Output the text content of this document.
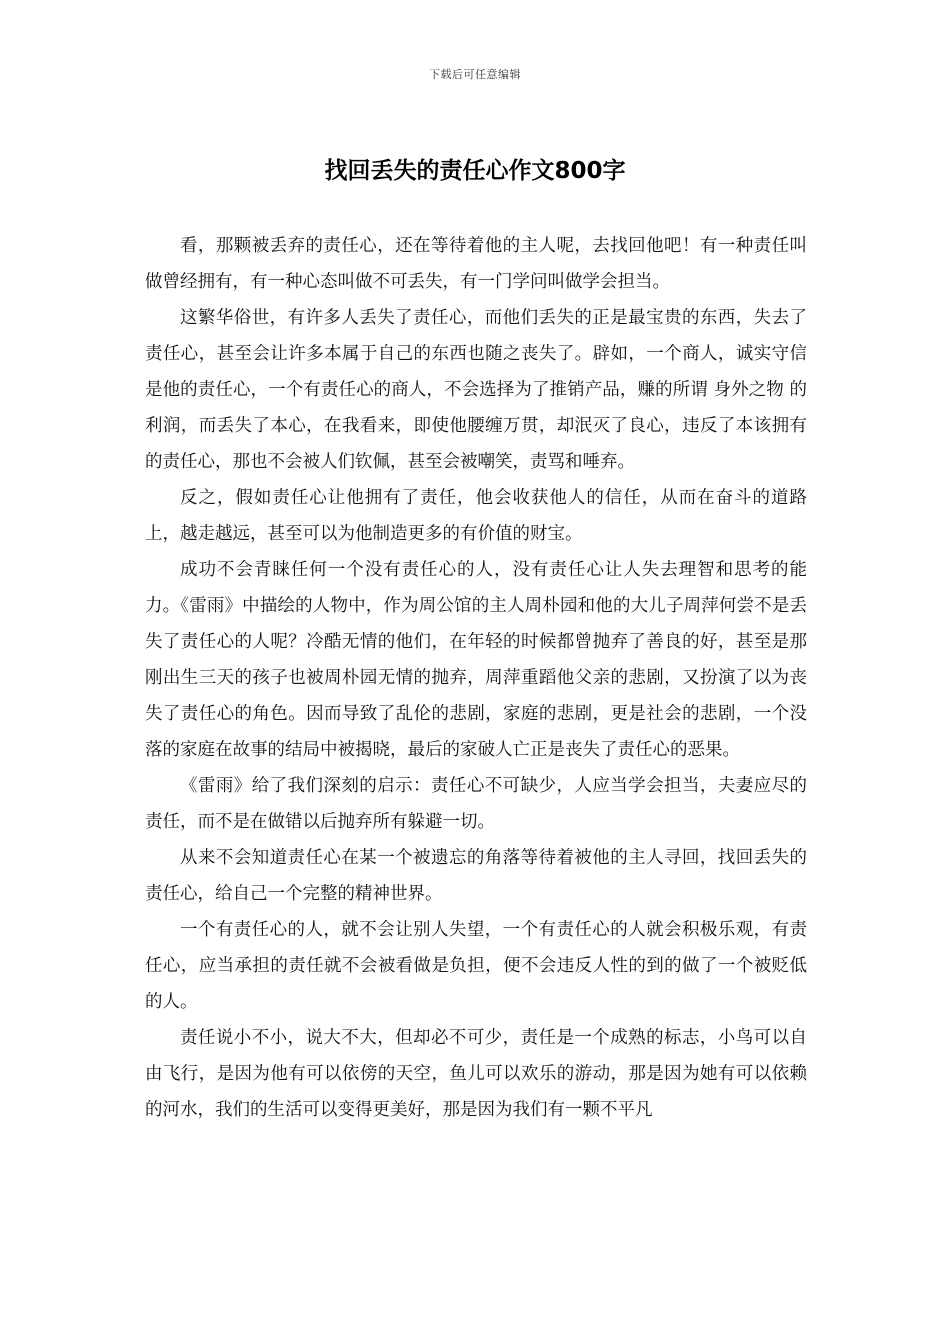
下载后可任意编辑
找回丢失的责任心作文800字

看，那颗被丢弃的责任心，还在等待着他的主人呢，去找回他吧！有一种责任叫做曾经拥有，有一种心态叫做不可丢失，有一门学问叫做学会担当。

这繁华俗世，有许多人丢失了责任心，而他们丢失的正是最宝贵的东西，失去了责任心，甚至会让许多本属于自己的东西也随之丧失了。辟如，一个商人，诚实守信是他的责任心，一个有责任心的商人，不会选择为了推销产品，赚的所谓 身外之物 的利润，而丢失了本心，在我看来，即使他腰缠万贯，却泯灭了良心，违反了本该拥有的责任心，那也不会被人们钦佩，甚至会被嘲笑，责骂和唾弃。

反之，假如责任心让他拥有了责任，他会收获他人的信任，从而在奋斗的道路上，越走越远，甚至可以为他制造更多的有价值的财宝。

成功不会青睐任何一个没有责任心的人，没有责任心让人失去理智和思考的能力。《雷雨》中描绘的人物中，作为周公馆的主人周朴园和他的大儿子周萍何尝不是丢失了责任心的人呢？冷酷无情的他们，在年轻的时候都曾抛弃了善良的好，甚至是那刚出生三天的孩子也被周朴园无情的抛弃，周萍重蹈他父亲的悲剧，又扮演了以为丧失了责任心的角色。因而导致了乱伦的悲剧，家庭的悲剧，更是社会的悲剧，一个没落的家庭在故事的结局中被揭晓，最后的家破人亡正是丧失了责任心的恶果。

《雷雨》给了我们深刻的启示：责任心不可缺少，人应当学会担当，夫妻应尽的责任，而不是在做错以后抛弃所有躲避一切。

从来不会知道责任心在某一个被遗忘的角落等待着被他的主人寻回，找回丢失的责任心，给自己一个完整的精神世界。

一个有责任心的人，就不会让别人失望，一个有责任心的人就会积极乐观，有责任心，应当承担的责任就不会被看做是负担，便不会违反人性的到的做了一个被贬低的人。

责任说小不小，说大不大，但却必不可少，责任是一个成熟的标志，小鸟可以自由飞行，是因为他有可以依傍的天空，鱼儿可以欢乐的游动，那是因为她有可以依赖的河水，我们的生活可以变得更美好，那是因为我们有一颗不平凡
